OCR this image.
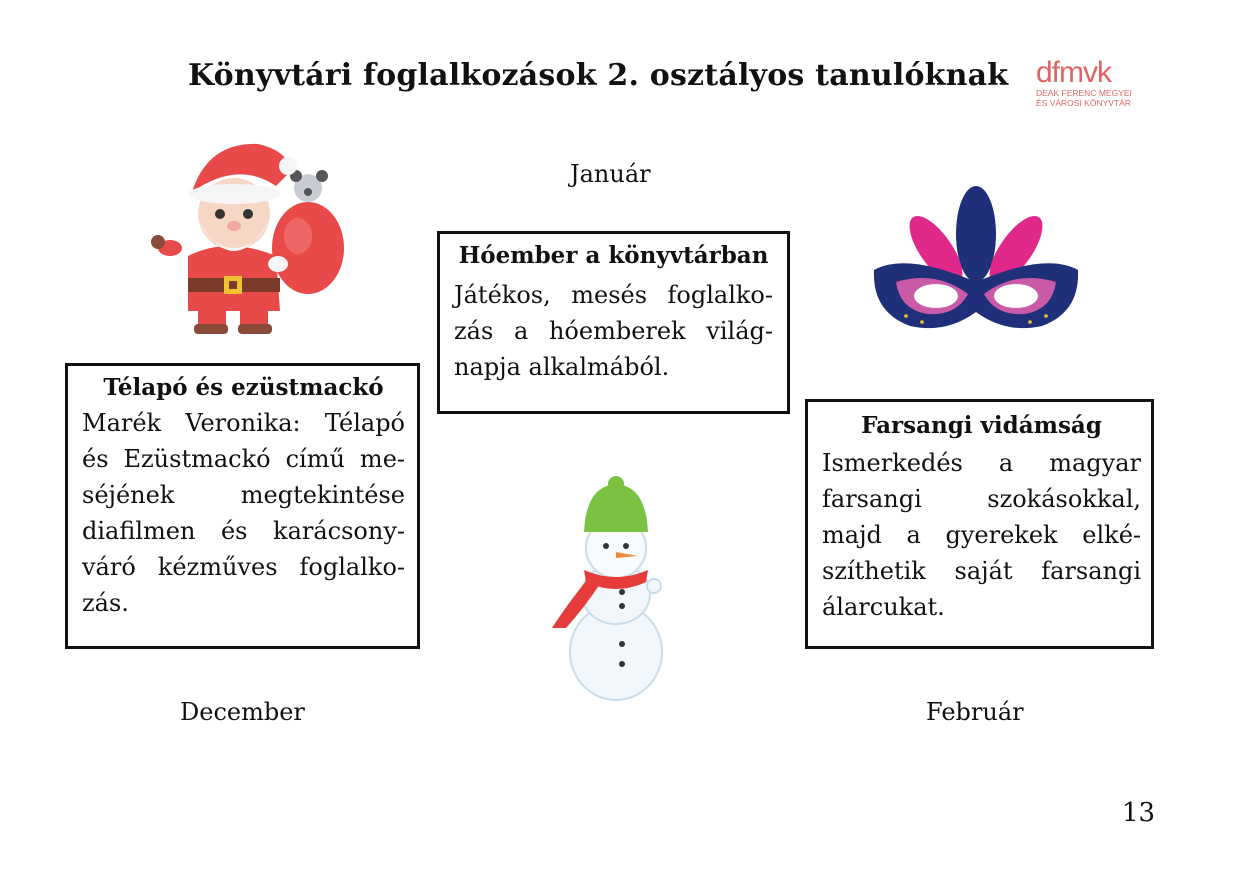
Könyvtári foglalkozások 2. osztályos tanulóknak dfmvk
DEÁK FERENC MEGYEI
ÉS VÁROSI KÖNYVTÁR
Január
December	Február
Hóember a könyvtárban
Játékos, mesés foglalko-
zás a hóemberek világ-
napja alkalmából.
Télapó és ezüstmackó
Marék Veronika: Télapó
és Ezüstmackó című me-
séjének megtekintése
diafilmen és karácsony-
váró kézműves foglalko-
zás.
Farsangi vidámság
Ismerkedés a magyar
farsangi szokásokkal,
majd a gyerekek elké-
szíthetik saját farsangi
álarcukat.
13
